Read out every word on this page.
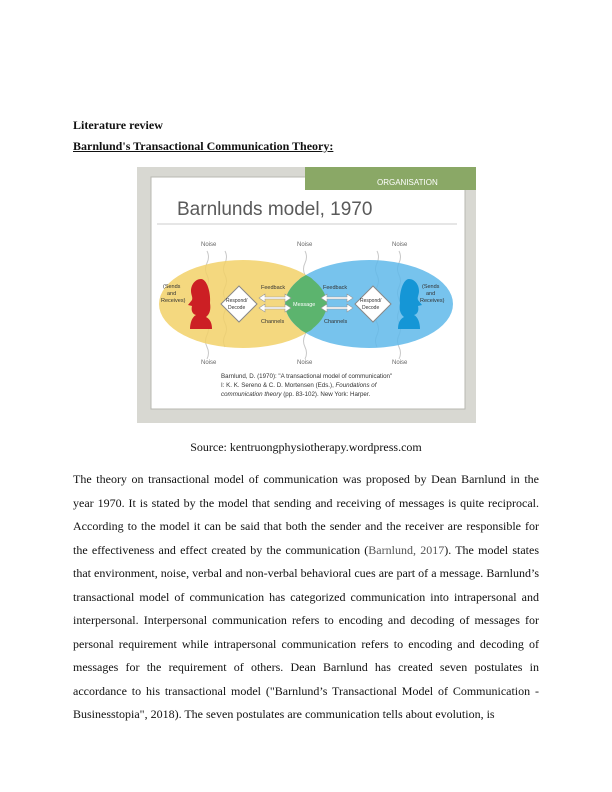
Literature review
Barnlund's Transactional Communication Theory:
ORGANISATION
Barnlunds model, 1970
Noise	Noise	Noise
Noise	Noise	Noise
Message
(Sends
and
Receives)
(Sends
and
Receives)
Respond/
Decode
Respond/
Decode
Feedback	Feedback
Channels	Channels
Barnlund, D. (1970): "A transactional model of communication"
I: K. K. Sereno & C. D. Mortensen (Eds.), Foundations of
communication theory (pp. 83-102). New York: Harper.
Source: kentruongphysiotherapy.wordpress.com

The theory on transactional model of communication was proposed by Dean Barnlund in the year 1970. It is stated by the model that sending and receiving of messages is quite reciprocal. According to the model it can be said that both the sender and the receiver are responsible for the effectiveness and effect created by the communication (Barnlund, 2017). The model states that environment, noise, verbal and non-verbal behavioral cues are part of a message. Barnlund’s transactional model of communication has categorized communication into intrapersonal and interpersonal. Interpersonal communication refers to encoding and decoding of messages for personal requirement while intrapersonal communication refers to encoding and decoding of messages for the requirement of others. Dean Barnlund has created seven postulates in accordance to his transactional model ("Barnlund’s Transactional Model of Communication - Businesstopia", 2018). The seven postulates are communication tells about evolution, is
